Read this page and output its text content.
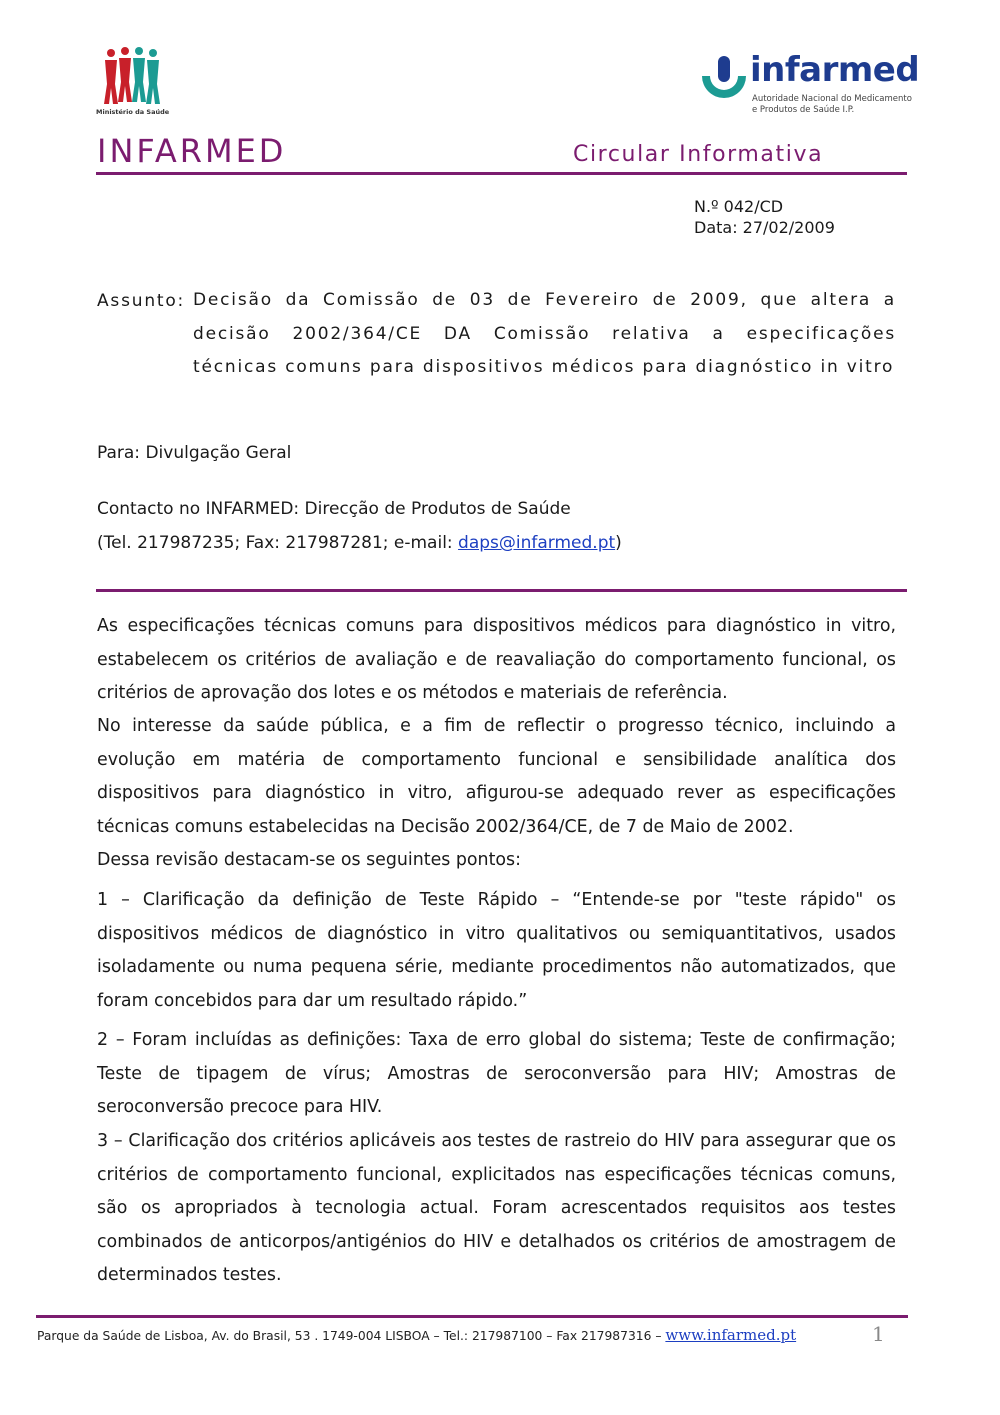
Ministério da Saúde
infarmed
Autoridade Nacional do Medicamento
e Produtos de Saúde I.P.
INFARMED	Circular Informativa
N.º 042/CD
Data: 27/02/2009
Assunto: Decisão da Comissão de 03 de Fevereiro de 2009, que altera a decisão 2002/364/CE DA Comissão relativa a especificações técnicas comuns para dispositivos médicos para diagnóstico in vitro
Para: Divulgação Geral
Contacto no INFARMED: Direcção de Produtos de Saúde
(Tel. 217987235; Fax: 217987281; e-mail: daps@infarmed.pt)

As especificações técnicas comuns para dispositivos médicos para diagnóstico in vitro, estabelecem os critérios de avaliação e de reavaliação do comportamento funcional, os critérios de aprovação dos lotes e os métodos e materiais de referência.

No interesse da saúde pública, e a fim de reflectir o progresso técnico, incluindo a evolução em matéria de comportamento funcional e sensibilidade analítica dos dispositivos para diagnóstico in vitro, afigurou-se adequado rever as especificações técnicas comuns estabelecidas na Decisão 2002/364/CE, de 7 de Maio de 2002.

Dessa revisão destacam-se os seguintes pontos:

1 – Clarificação da definição de Teste Rápido – “Entende-se por "teste rápido" os dispositivos médicos de diagnóstico in vitro qualitativos ou semiquantitativos, usados isoladamente ou numa pequena série, mediante procedimentos não automatizados, que foram concebidos para dar um resultado rápido.”

2 – Foram incluídas as definições: Taxa de erro global do sistema; Teste de confirmação; Teste de tipagem de vírus; Amostras de seroconversão para HIV; Amostras de seroconversão precoce para HIV.

3 – Clarificação dos critérios aplicáveis aos testes de rastreio do HIV para assegurar que os critérios de comportamento funcional, explicitados nas especificações técnicas comuns, são os apropriados à tecnologia actual. Foram acrescentados requisitos aos testes combinados de anticorpos/antigénios do HIV e detalhados os critérios de amostragem de determinados testes.

Parque da Saúde de Lisboa, Av. do Brasil, 53 . 1749-004 LISBOA – Tel.: 217987100 – Fax 217987316 – www.infarmed.pt	1
